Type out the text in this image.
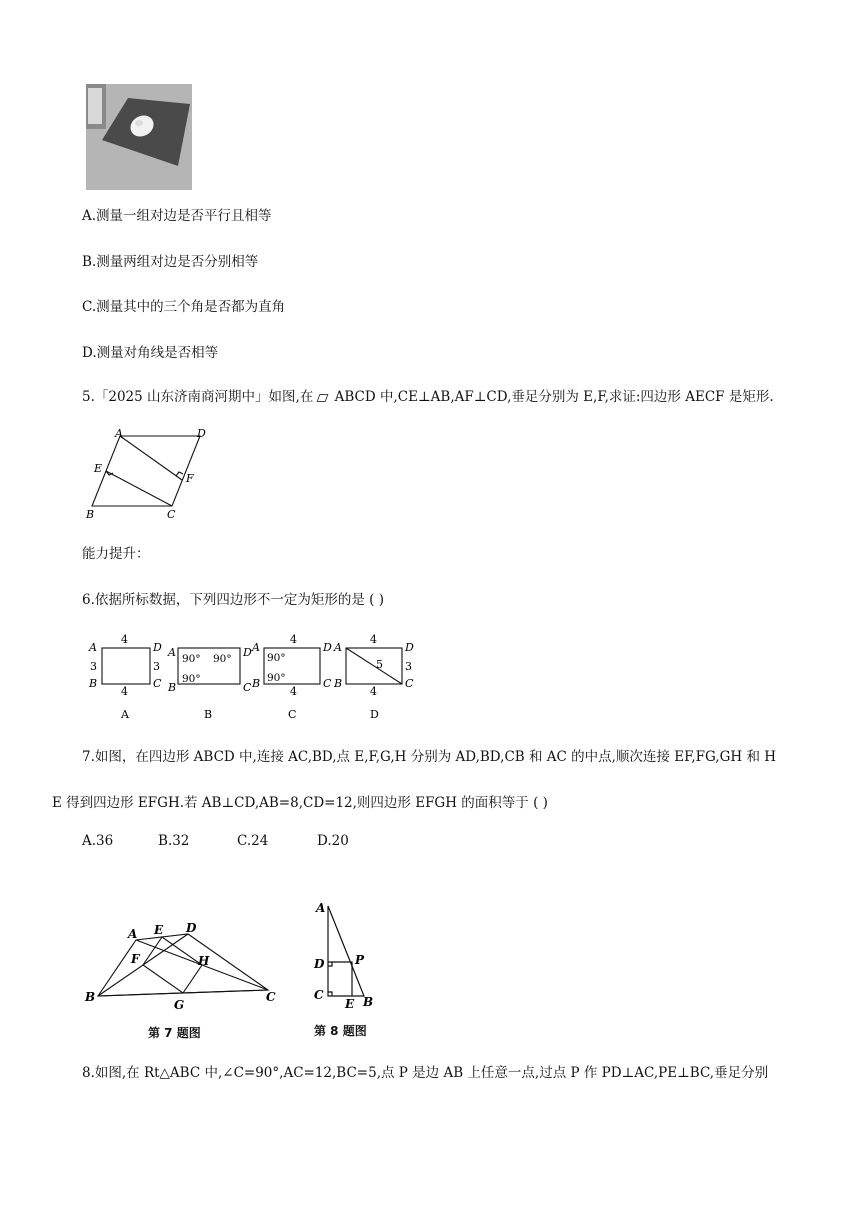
A.测量一组对边是否平行且相等
B.测量两组对边是否分别相等
C.测量其中的三个角是否都为直角
D.测量对角线是否相等
5.「2025 山东济南商河期中」如图,在 ABCD 中,CE⊥AB,AF⊥CD,垂足分别为 E,F,求证:四边形 AECF 是矩形.
A	D
E
F
B	C
能力提升：
6.依据所标数据，下列四边形不一定为矩形的是 ( )
4
4
3	3
A	D
B	C
A
90° 90°
90°
A	D
B	C
B
4
4
90°
90°
A	D
B	C
C
4
4
3
5
A	D
B	C
D
7.如图，在四边形 ABCD 中,连接 AC,BD,点 E,F,G,H 分别为 AD,BD,CB 和 AC 的中点,顺次连接 EF,FG,GH 和 H
E 得到四边形 EFGH.若 AB⊥CD,AB=8,CD=12,则四边形 EFGH 的面积等于 ( )
A.36	B.32	C.24	D.20
A E D
F	H
B
G
C
第 7 题图
A
D	P
C
E B
第 8 题图
8.如图,在 Rt△ABC 中,∠C=90°,AC=12,BC=5,点 P 是边 AB 上任意一点,过点 P 作 PD⊥AC,PE⊥BC,垂足分别
